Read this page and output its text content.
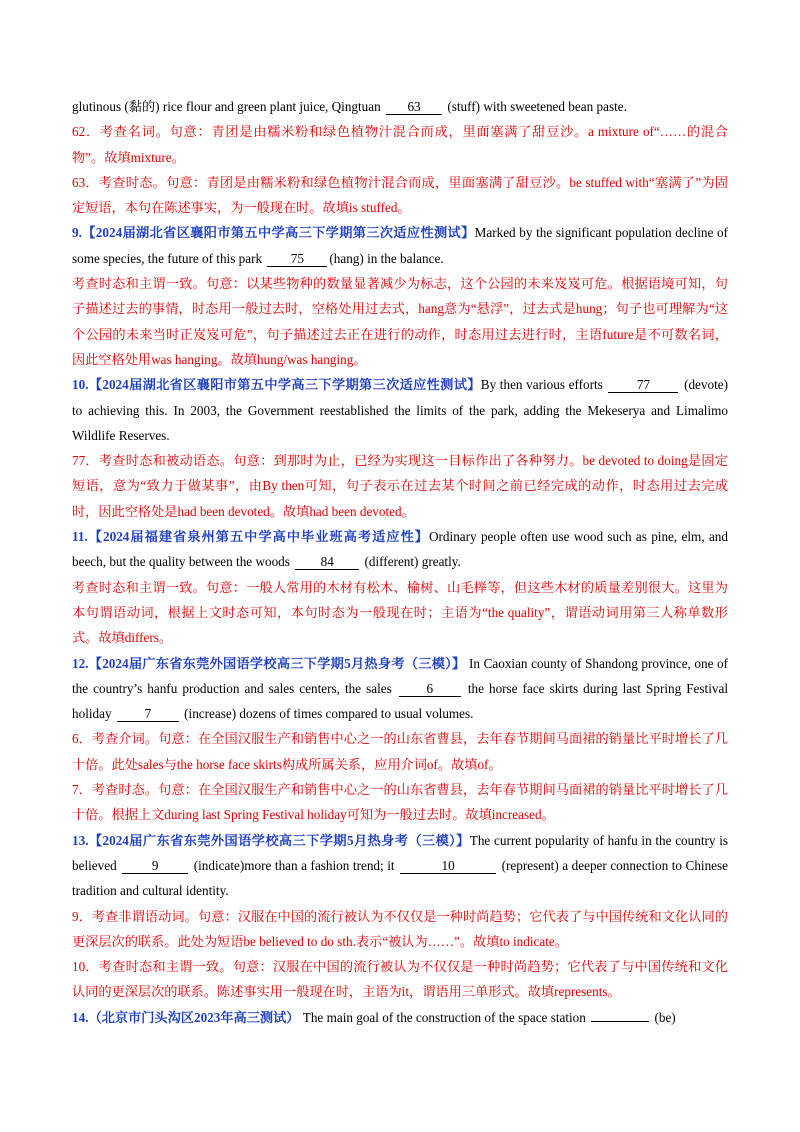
glutinous (黏的) rice flour and green plant juice, Qingtuan 63 (stuff) with sweetened bean paste.

62．考查名词。句意：青团是由糯米粉和绿色植物汁混合而成，里面塞满了甜豆沙。a mixture of“……的混合物”。故填mixture。

63．考查时态。句意：青团是由糯米粉和绿色植物汁混合而成，里面塞满了甜豆沙。be stuffed with“塞满了”为固定短语，本句在陈述事实，为一般现在时。故填is stuffed。

9.【2024届湖北省区襄阳市第五中学高三下学期第三次适应性测试】Marked by the significant population decline of some species, the future of this park 75 (hang) in the balance.

考查时态和主谓一致。句意：以某些物种的数量显著减少为标志，这个公园的未来岌岌可危。根据语境可知，句子描述过去的事情，时态用一般过去时，空格处用过去式，hang意为“悬浮”，过去式是hung；句子也可理解为“这个公园的未来当时正岌岌可危”，句子描述过去正在进行的动作，时态用过去进行时，主语future是不可数名词，因此空格处用was hanging。故填hung/was hanging。

10.【2024届湖北省区襄阳市第五中学高三下学期第三次适应性测试】By then various efforts 77 (devote) to achieving this. In 2003, the Government reestablished the limits of the park, adding the Mekeserya and Limalimo Wildlife Reserves.

77．考查时态和被动语态。句意：到那时为止，已经为实现这一目标作出了各种努力。be devoted to doing是固定短语，意为“致力于做某事”，由By then可知，句子表示在过去某个时间之前已经完成的动作，时态用过去完成时，因此空格处是had been devoted。故填had been devoted。

11.【2024届福建省泉州第五中学高中毕业班高考适应性】Ordinary people often use wood such as pine, elm, and beech, but the quality between the woods 84 (different) greatly.

考查时态和主谓一致。句意：一般人常用的木材有松木、榆树、山毛榉等，但这些木材的质量差别很大。这里为本句谓语动词，根据上文时态可知，本句时态为一般现在时；主语为“the quality”，谓语动词用第三人称单数形式。故填differs。

12.【2024届广东省东莞外国语学校高三下学期5月热身考（三模）】 In Caoxian county of Shandong province, one of the country’s hanfu production and sales centers, the sales 6 the horse face skirts during last Spring Festival holiday 7 (increase) dozens of times compared to usual volumes.

6．考查介词。句意：在全国汉服生产和销售中心之一的山东省曹县，去年春节期间马面裙的销量比平时增长了几十倍。此处sales与the horse face skirts构成所属关系，应用介词of。故填of。

7．考查时态。句意：在全国汉服生产和销售中心之一的山东省曹县，去年春节期间马面裙的销量比平时增长了几十倍。根据上文during last Spring Festival holiday可知为一般过去时。故填increased。

13.【2024届广东省东莞外国语学校高三下学期5月热身考（三模）】The current popularity of hanfu in the country is believed 9 (indicate)more than a fashion trend; it	10	(represent) a deeper connection to Chinese tradition and cultural identity.

9．考查非谓语动词。句意：汉服在中国的流行被认为不仅仅是一种时尚趋势；它代表了与中国传统和文化认同的更深层次的联系。此处为短语be believed to do sth.表示“被认为……”。故填to indicate。

10．考查时态和主谓一致。句意：汉服在中国的流行被认为不仅仅是一种时尚趋势；它代表了与中国传统和文化认同的更深层次的联系。陈述事实用一般现在时，主语为it，谓语用三单形式。故填represents。

14.（北京市门头沟区2023年高三测试） The main goal of the construction of the space station	(be)
